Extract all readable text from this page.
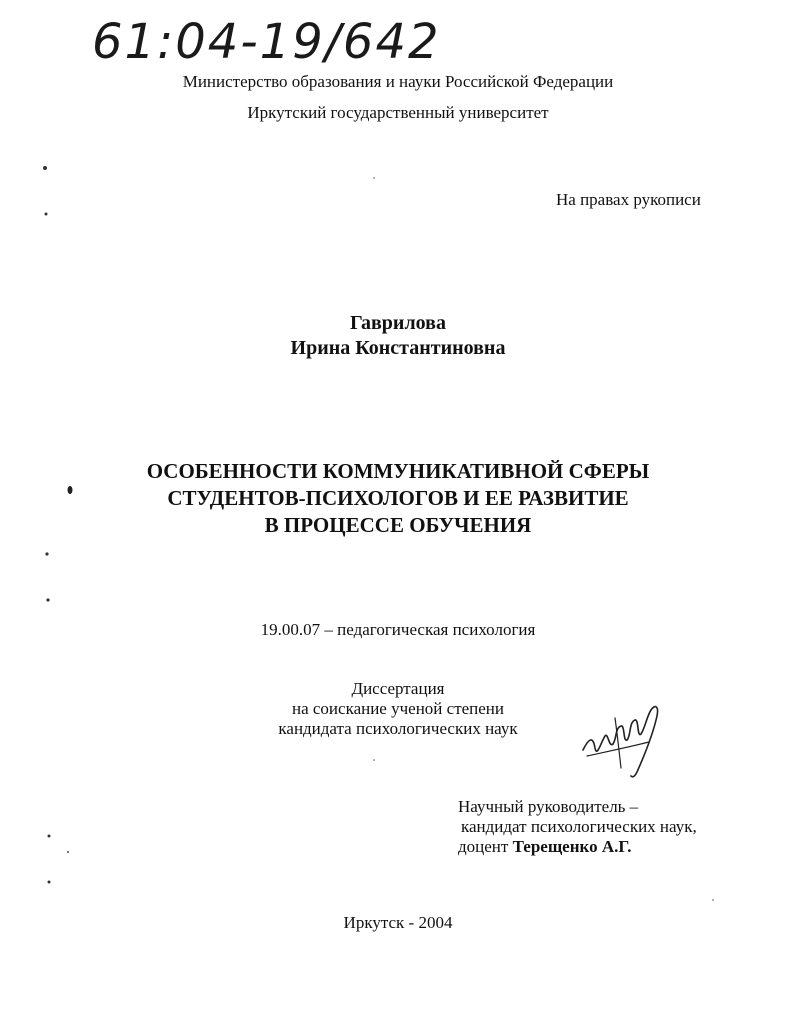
61:04-19/642
Министерство образования и науки Российской Федерации
Иркутский государственный университет
На правах рукописи
Гаврилова
Ирина Константиновна
ОСОБЕННОСТИ КОММУНИКАТИВНОЙ СФЕРЫ
СТУДЕНТОВ-ПСИХОЛОГОВ И ЕЕ РАЗВИТИЕ
В ПРОЦЕССЕ ОБУЧЕНИЯ
19.00.07 – педагогическая психология
Диссертация
на соискание ученой степени
кандидата психологических наук
Научный руководитель –
кандидат психологических наук,
доцент Терещенко А.Г.
Иркутск - 2004
